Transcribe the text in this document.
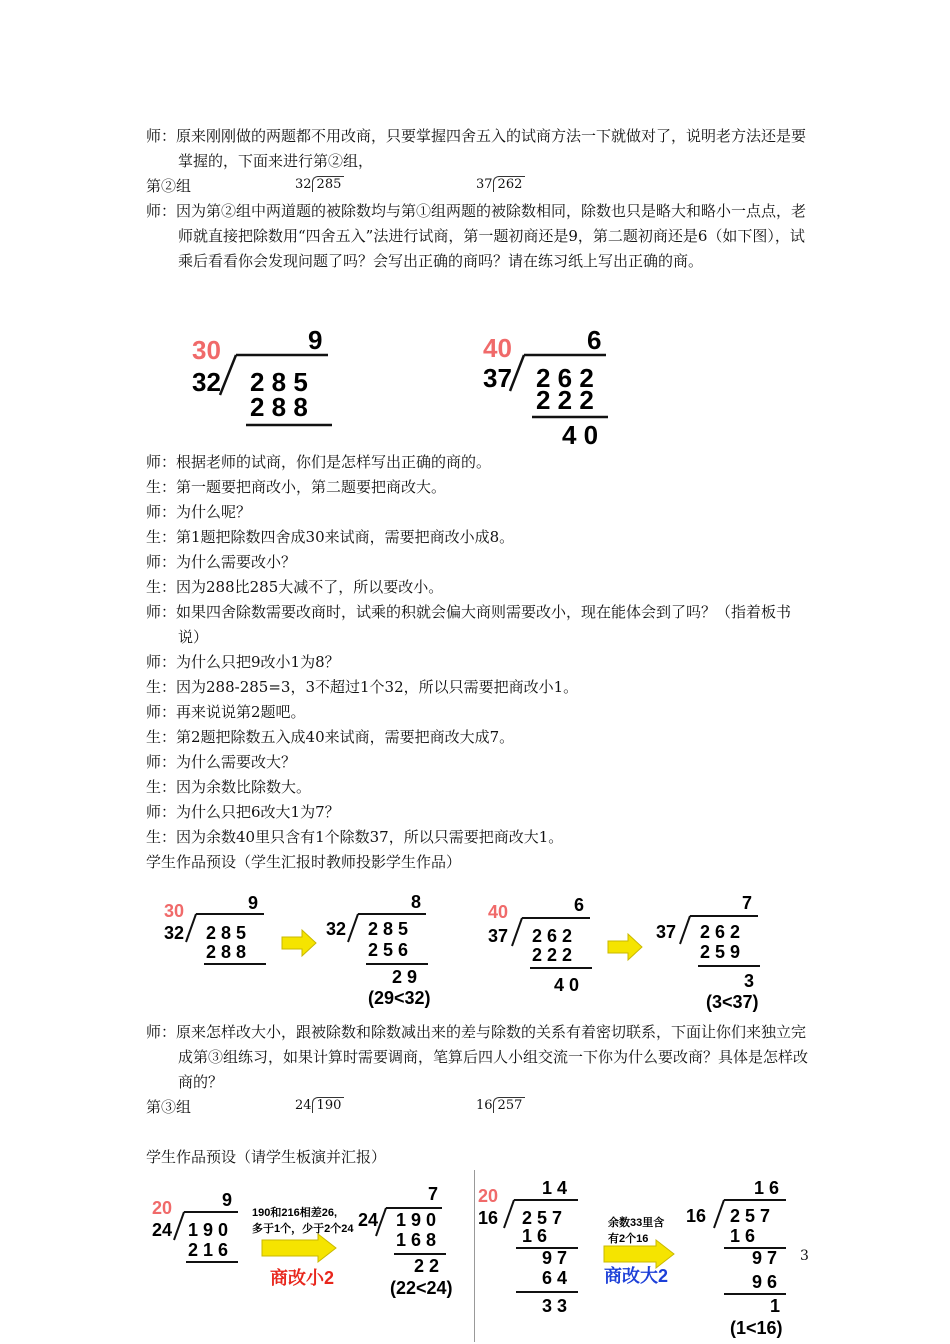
师：原来刚刚做的两题都不用改商，只要掌握四舍五入的试商方法一下就做对了，说明老方法还是要掌握的，下面来进行第②组，
第②组	32 285	37 262
师：因为第②组中两道题的被除数均与第①组两题的被除数相同，除数也只是略大和略小一点点，老师就直接把除数用“四舍五入”法进行试商，第一题初商还是9，第二题初商还是6（如下图），试乘后看看你会发现问题了吗？会写出正确的商吗？请在练习纸上写出正确的商。
30	9
32 2 8 5
2 8 8
40	6
37 2 6 2
2 2 2
4 0
师：根据老师的试商，你们是怎样写出正确的商的。
生：第一题要把商改小，第二题要把商改大。
师：为什么呢？
生：第1题把除数四舍成30来试商，需要把商改小成8。
师：为什么需要改小？
生：因为288比285大减不了，所以要改小。
师：如果四舍除数需要改商时，试乘的积就会偏大商则需要改小，现在能体会到了吗？（指着板书说）
师：为什么只把9改小1为8？
生：因为288-285=3，3不超过1个32，所以只需要把商改小1。
师：再来说说第2题吧。
生：第2题把除数五入成40来试商，需要把商改大成7。
师：为什么需要改大？
生：因为余数比除数大。
师：为什么只把6改大1为7？
生：因为余数40里只含有1个除数37，所以只需要把商改大1。
学生作品预设（学生汇报时教师投影学生作品）
30	9
32 2 8 5
2 8 8
8
32 2 8 5
2 5 6
2 9
(29<32)
40	6
37 2 6 2
2 2 2
4 0
7
37 2 6 2
2 5 9
3
(3<37)
师：原来怎样改大小，跟被除数和除数减出来的差与除数的关系有着密切联系，下面让你们来独立完成第③组练习，如果计算时需要调商，笔算后四人小组交流一下你为什么要改商？具体是怎样改商的？
第③组	24 190	16 257
学生作品预设（请学生板演并汇报）
20	9
24 1 9 0
2 1 6
190和216相差26,
多于1个，少于2个24
商改小2
7
24 1 9 0
1 6 8
2 2
(22<24)
20 1 4
16 2 5 7
1 6
9 7
6 4
3 3
余数33里含
有2个16
商改大2
1 6
16 2 5 7
1 6
9 7
9 6
1
(1<16)
3
